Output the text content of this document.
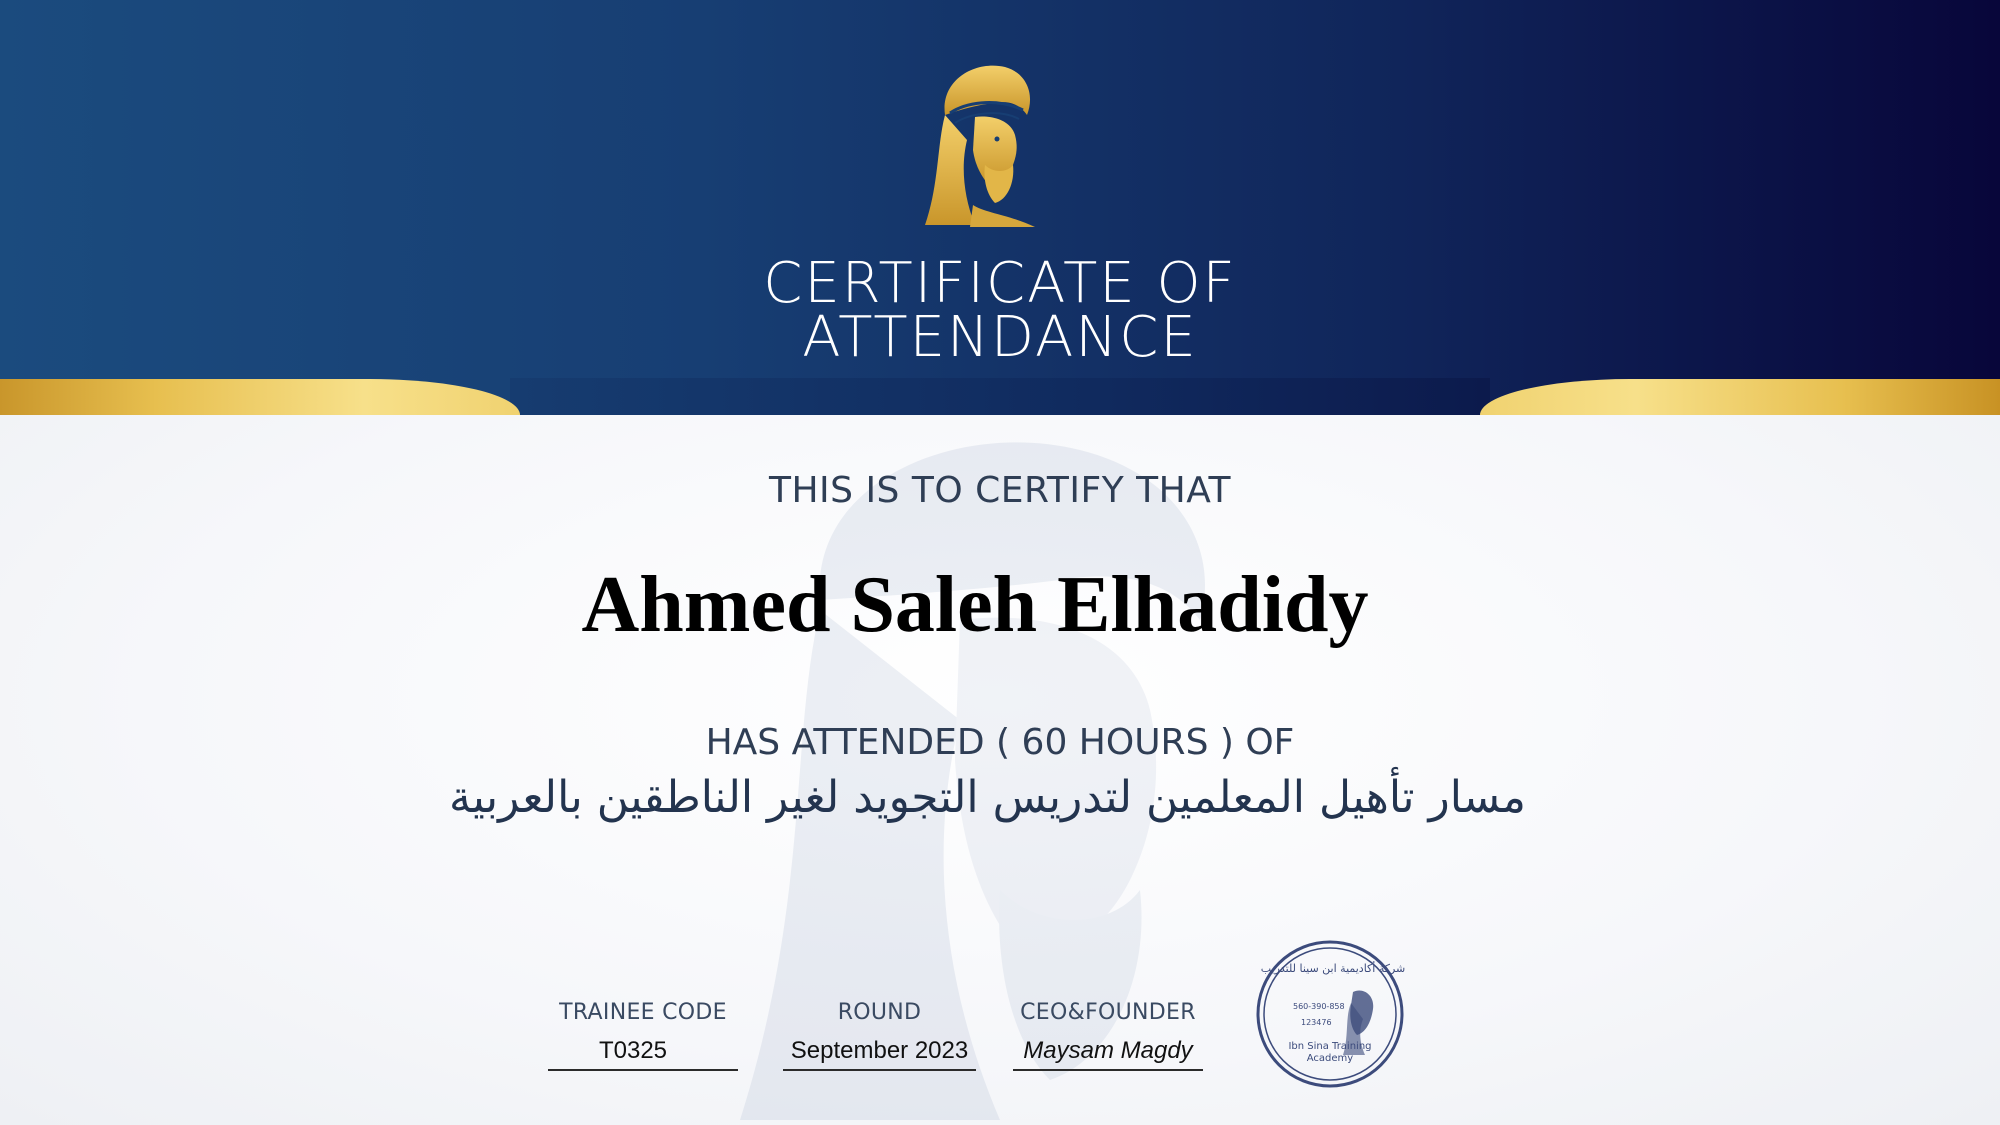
CERTIFICATE OF
ATTENDANCE
THIS IS TO CERTIFY THAT
Ahmed Saleh Elhadidy
HAS ATTENDED ( 60 HOURS ) OF
مسار تأهيل المعلمين لتدريس التجويد لغير الناطقين بالعربية
TRAINEE CODE
T0325
ROUND
September 2023
CEO&FOUNDER
Maysam Magdy
شركة أكاديمية ابن سينا للتدريب
560-390-858
123476
Ibn Sina Training
Academy
